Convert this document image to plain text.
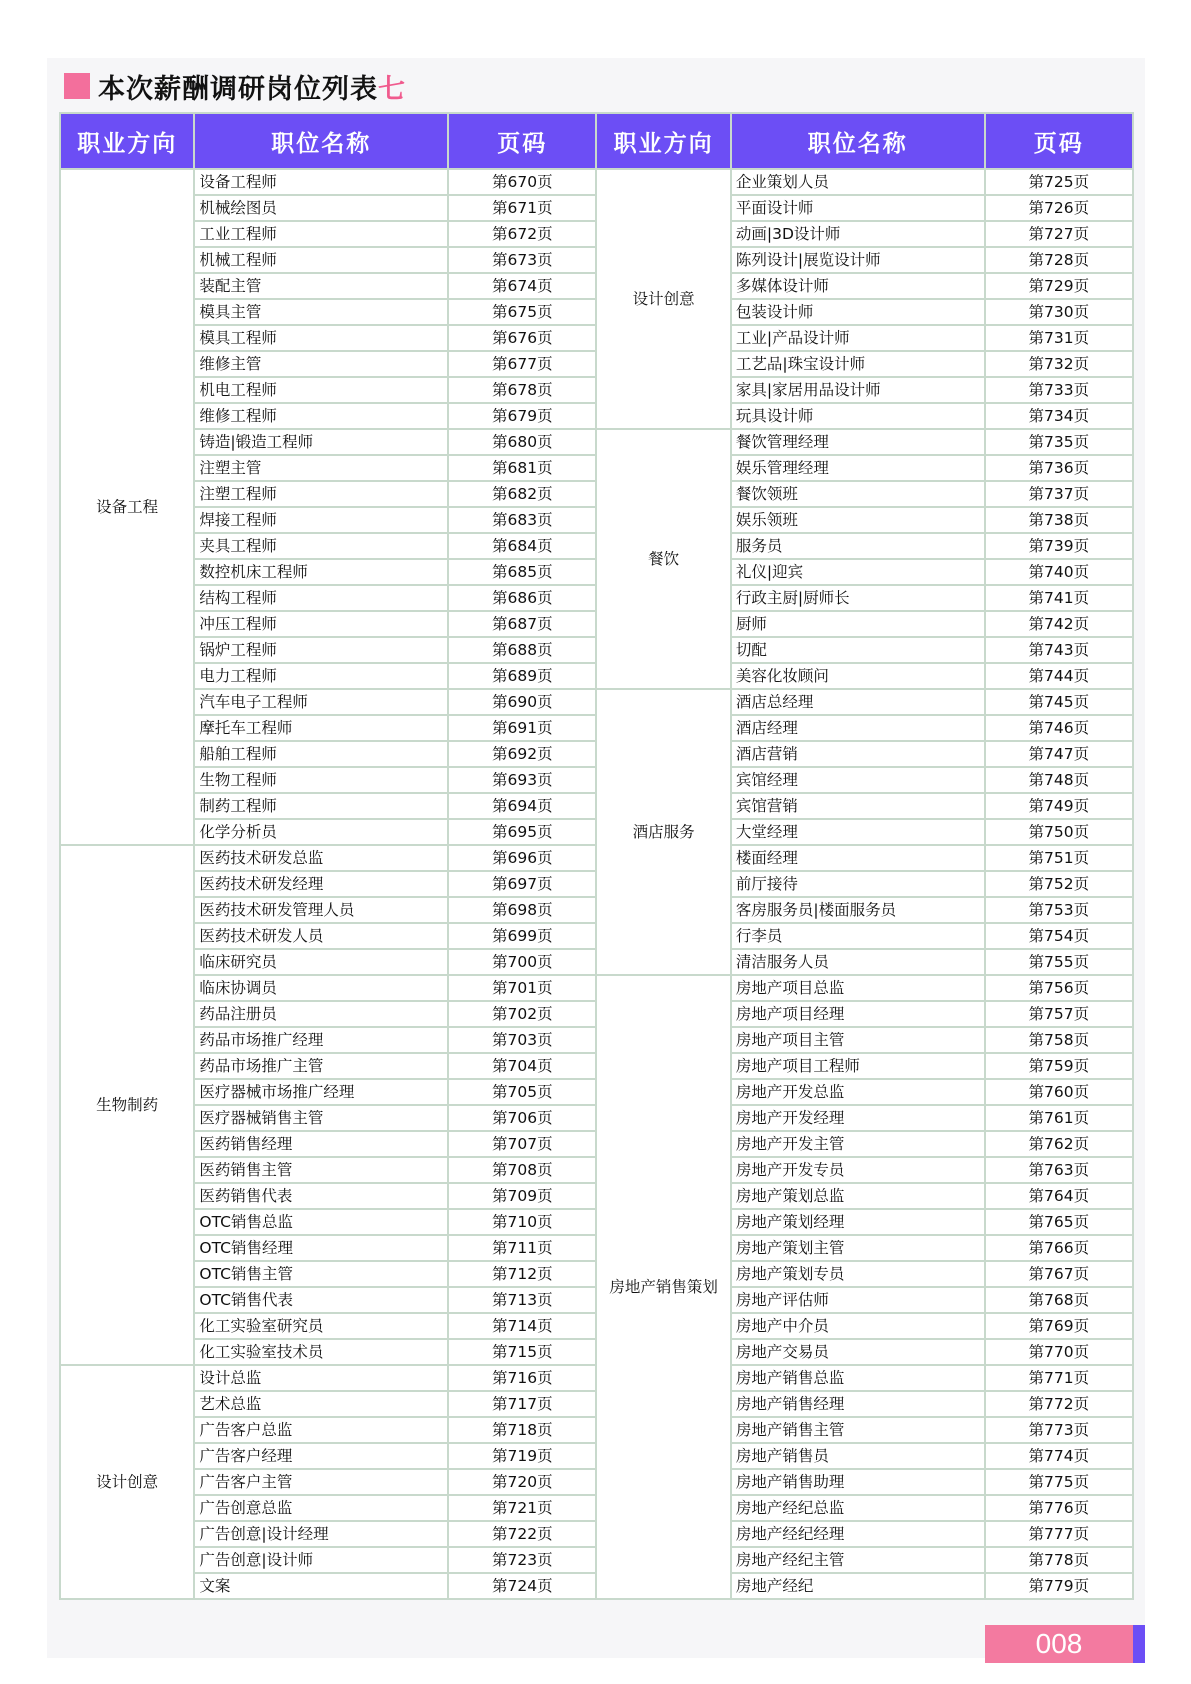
本次薪酬调研岗位列表 七
职业方向	职位名称	页码	职业方向	职位名称	页码
设备工程	设备工程师	第670页	设计创意	企业策划人员	第725页
	机械绘图员	第671页		平面设计师	第726页
	工业工程师	第672页		动画|3D设计师	第727页
	机械工程师	第673页		陈列设计|展览设计师	第728页
	装配主管	第674页		多媒体设计师	第729页
	模具主管	第675页		包装设计师	第730页
	模具工程师	第676页		工业|产品设计师	第731页
	维修主管	第677页		工艺品|珠宝设计师	第732页
	机电工程师	第678页		家具|家居用品设计师	第733页
	维修工程师	第679页		玩具设计师	第734页
	铸造|锻造工程师	第680页	餐饮	餐饮管理经理	第735页
	注塑主管	第681页		娱乐管理经理	第736页
	注塑工程师	第682页		餐饮领班	第737页
	焊接工程师	第683页		娱乐领班	第738页
	夹具工程师	第684页		服务员	第739页
	数控机床工程师	第685页		礼仪|迎宾	第740页
	结构工程师	第686页		行政主厨|厨师长	第741页
	冲压工程师	第687页		厨师	第742页
	锅炉工程师	第688页		切配	第743页
	电力工程师	第689页		美容化妆顾问	第744页
	汽车电子工程师	第690页	酒店服务	酒店总经理	第745页
	摩托车工程师	第691页		酒店经理	第746页
	船舶工程师	第692页		酒店营销	第747页
	生物工程师	第693页		宾馆经理	第748页
	制药工程师	第694页		宾馆营销	第749页
	化学分析员	第695页		大堂经理	第750页
生物制药	医药技术研发总监	第696页		楼面经理	第751页
	医药技术研发经理	第697页		前厅接待	第752页
	医药技术研发管理人员	第698页		客房服务员|楼面服务员	第753页
	医药技术研发人员	第699页		行李员	第754页
	临床研究员	第700页		清洁服务人员	第755页
	临床协调员	第701页	房地产销售策划	房地产项目总监	第756页
	药品注册员	第702页		房地产项目经理	第757页
	药品市场推广经理	第703页		房地产项目主管	第758页
	药品市场推广主管	第704页		房地产项目工程师	第759页
	医疗器械市场推广经理	第705页		房地产开发总监	第760页
	医疗器械销售主管	第706页		房地产开发经理	第761页
	医药销售经理	第707页		房地产开发主管	第762页
	医药销售主管	第708页		房地产开发专员	第763页
	医药销售代表	第709页		房地产策划总监	第764页
	OTC销售总监	第710页		房地产策划经理	第765页
	OTC销售经理	第711页		房地产策划主管	第766页
	OTC销售主管	第712页		房地产策划专员	第767页
	OTC销售代表	第713页		房地产评估师	第768页
	化工实验室研究员	第714页		房地产中介员	第769页
	化工实验室技术员	第715页		房地产交易员	第770页
设计创意	设计总监	第716页		房地产销售总监	第771页
	艺术总监	第717页		房地产销售经理	第772页
	广告客户总监	第718页		房地产销售主管	第773页
	广告客户经理	第719页		房地产销售员	第774页
	广告客户主管	第720页		房地产销售助理	第775页
	广告创意总监	第721页		房地产经纪总监	第776页
	广告创意|设计经理	第722页		房地产经纪经理	第777页
	广告创意|设计师	第723页		房地产经纪主管	第778页
	文案	第724页		房地产经纪	第779页
008
